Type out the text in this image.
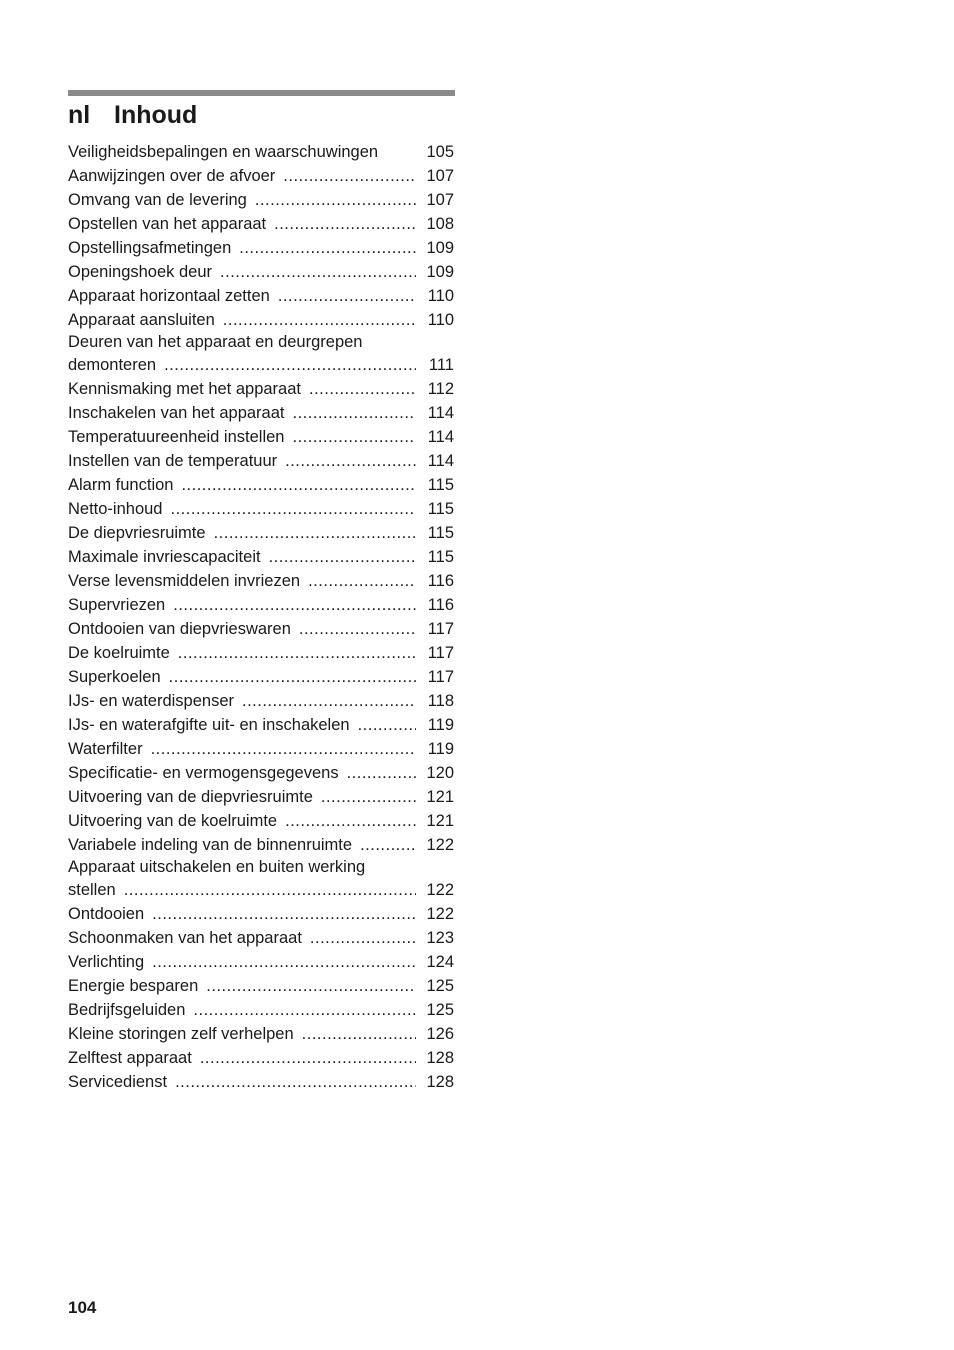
nl Inhoud
Veiligheidsbepalingen en waarschuwingen	105
Aanwijzingen over de afvoer .....	107
Omvang van de levering .....	107
Opstellen van het apparaat .....	108
Opstellingsafmetingen .....	109
Openingshoek deur .....	109
Apparaat horizontaal zetten .....	110
Apparaat aansluiten .....	110
Deuren van het apparaat en deurgrepen
demonteren .....	111
Kennismaking met het apparaat .....	112
Inschakelen van het apparaat .....	114
Temperatuureenheid instellen .....	114
Instellen van de temperatuur .....	114
Alarm function .....	115
Netto-inhoud .....	115
De diepvriesruimte .....	115
Maximale invriescapaciteit .....	115
Verse levensmiddelen invriezen .....	116
Supervriezen .....	116
Ontdooien van diepvrieswaren .....	117
De koelruimte .....	117
Superkoelen .....	117
IJs- en waterdispenser .....	118
IJs- en waterafgifte uit- en inschakelen .....	119
Waterfilter .....	119
Specificatie- en vermogensgegevens .....	120
Uitvoering van de diepvriesruimte .....	121
Uitvoering van de koelruimte .....	121
Variabele indeling van de binnenruimte .....	122
Apparaat uitschakelen en buiten werking
stellen .....	122
Ontdooien .....	122
Schoonmaken van het apparaat .....	123
Verlichting .....	124
Energie besparen .....	125
Bedrijfsgeluiden .....	125
Kleine storingen zelf verhelpen .....	126
Zelftest apparaat .....	128
Servicedienst .....	128
104
